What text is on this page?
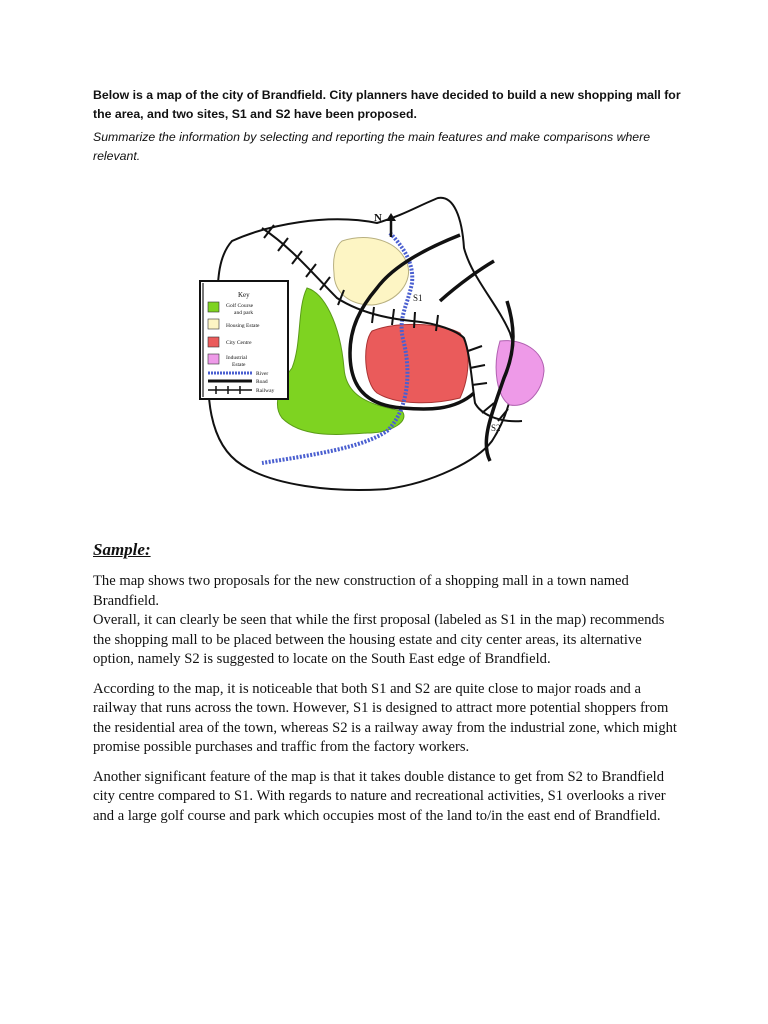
Below is a map of the city of Brandfield. City planners have decided to build a new shopping mall for the area, and two sites, S1 and S2 have been proposed.

Summarize the information by selecting and reporting the main features and make comparisons where relevant.

N
S1
S2
Key
Golf Course
and park
Housing Estate
City Centre
Industrial
Estate
River
Road
Railway
Sample:

The map shows two proposals for the new construction of a shopping mall in a town named Brandfield.

Overall, it can clearly be seen that while the first proposal (labeled as S1 in the map) recommends the shopping mall to be placed between the housing estate and city center areas, its alternative option, namely S2 is suggested to locate on the South East edge of Brandfield.

According to the map, it is noticeable that both S1 and S2 are quite close to major roads and a railway that runs across the town. However, S1 is designed to attract more potential shoppers from the residential area of the town, whereas S2 is a railway away from the industrial zone, which might promise possible purchases and traffic from the factory workers.

Another significant feature of the map is that it takes double distance to get from S2 to Brandfield city centre compared to S1. With regards to nature and recreational activities, S1 overlooks a river and a large golf course and park which occupies most of the land to/in the east end of Brandfield.
